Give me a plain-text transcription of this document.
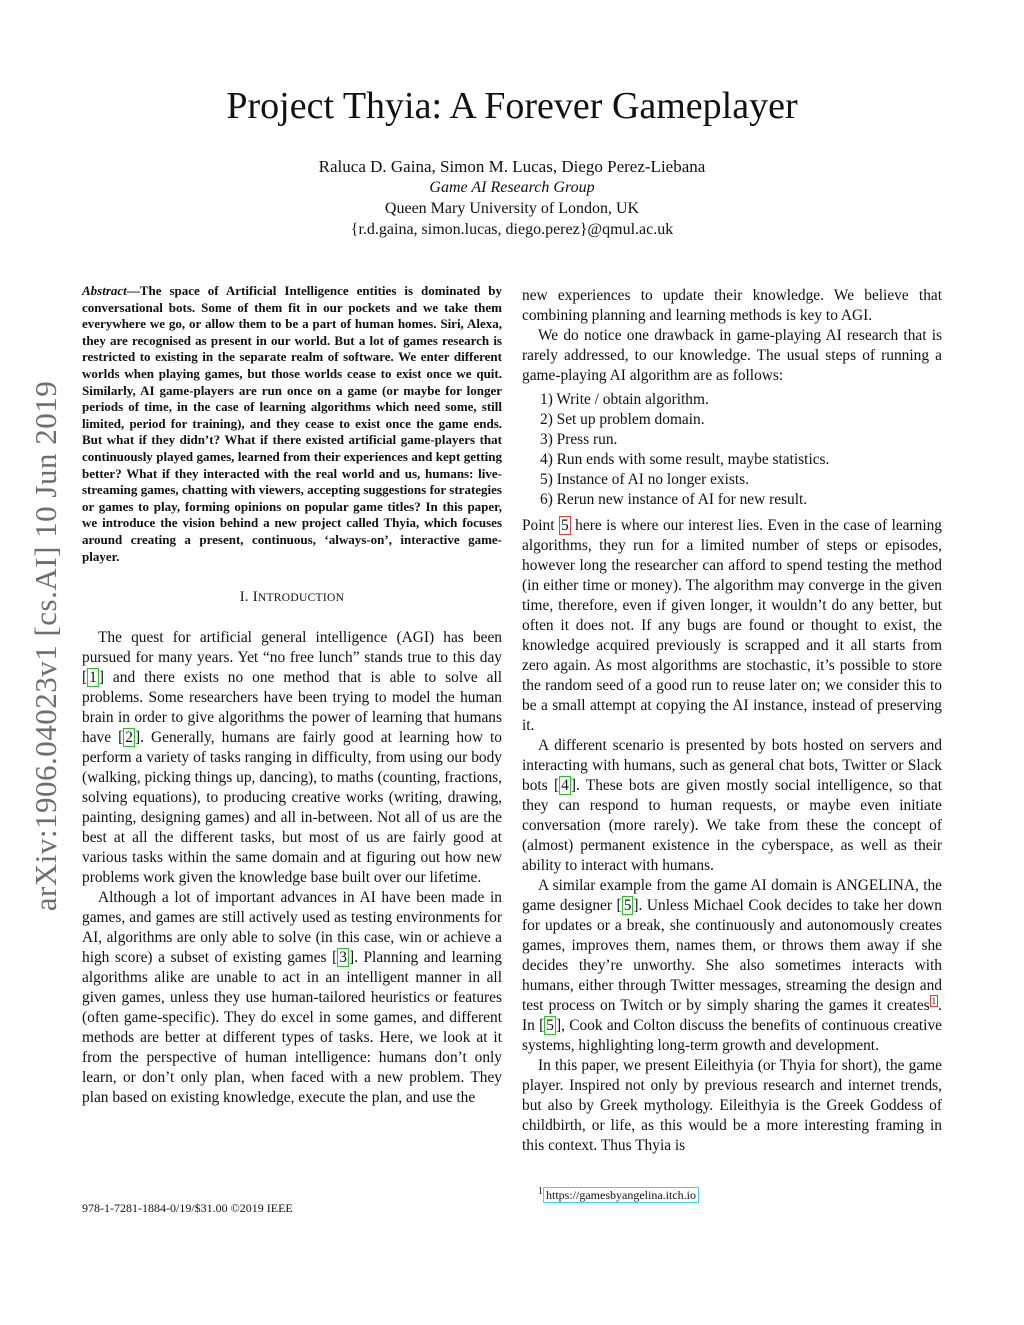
arXiv:1906.04023v1 [cs.AI] 10 Jun 2019
Project Thyia: A Forever Gameplayer
Raluca D. Gaina, Simon M. Lucas, Diego Perez-Liebana
Game AI Research Group
Queen Mary University of London, UK
{r.d.gaina, simon.lucas, diego.perez}@qmul.ac.uk

Abstract—The space of Artificial Intelligence entities is dominated by conversational bots. Some of them fit in our pockets and we take them everywhere we go, or allow them to be a part of human homes. Siri, Alexa, they are recognised as present in our world. But a lot of games research is restricted to existing in the separate realm of software. We enter different worlds when playing games, but those worlds cease to exist once we quit. Similarly, AI game-players are run once on a game (or maybe for longer periods of time, in the case of learning algorithms which need some, still limited, period for training), and they cease to exist once the game ends. But what if they didn’t? What if there existed artificial game-players that continuously played games, learned from their experiences and kept getting better? What if they interacted with the real world and us, humans: live-streaming games, chatting with viewers, accepting suggestions for strategies or games to play, forming opinions on popular game titles? In this paper, we introduce the vision behind a new project called Thyia, which focuses around creating a present, continuous, ‘always-on’, interactive game-player.

I. INTRODUCTION

The quest for artificial general intelligence (AGI) has been pursued for many years. Yet “no free lunch” stands true to this day [ 1 ] and there exists no one method that is able to solve all problems. Some researchers have been trying to model the human brain in order to give algorithms the power of learning that humans have [ 2 ]. Generally, humans are fairly good at learning how to perform a variety of tasks ranging in difficulty, from using our body (walking, picking things up, dancing), to maths (counting, fractions, solving equations), to producing creative works (writing, drawing, painting, designing games) and all in-between. Not all of us are the best at all the different tasks, but most of us are fairly good at various tasks within the same domain and at figuring out how new problems work given the knowledge base built over our lifetime.

Although a lot of important advances in AI have been made in games, and games are still actively used as testing environments for AI, algorithms are only able to solve (in this case, win or achieve a high score) a subset of existing games [ 3 ]. Planning and learning algorithms alike are unable to act in an intelligent manner in all given games, unless they use human-tailored heuristics or features (often game-specific). They do excel in some games, and different methods are better at different types of tasks. Here, we look at it from the perspective of human intelligence: humans don’t only learn, or don’t only plan, when faced with a new problem. They plan based on existing knowledge, execute the plan, and use the

new experiences to update their knowledge. We believe that combining planning and learning methods is key to AGI.

We do notice one drawback in game-playing AI research that is rarely addressed, to our knowledge. The usual steps of running a game-playing AI algorithm are as follows:

1) Write / obtain algorithm.
2) Set up problem domain.
3) Press run.
4) Run ends with some result, maybe statistics.
5) Instance of AI no longer exists.
6) Rerun new instance of AI for new result.

Point 5 here is where our interest lies. Even in the case of learning algorithms, they run for a limited number of steps or episodes, however long the researcher can afford to spend testing the method (in either time or money). The algorithm may converge in the given time, therefore, even if given longer, it wouldn’t do any better, but often it does not. If any bugs are found or thought to exist, the knowledge acquired previously is scrapped and it all starts from zero again. As most algorithms are stochastic, it’s possible to store the random seed of a good run to reuse later on; we consider this to be a small attempt at copying the AI instance, instead of preserving it.

A different scenario is presented by bots hosted on servers and interacting with humans, such as general chat bots, Twitter or Slack bots [ 4 ]. These bots are given mostly social intelligence, so that they can respond to human requests, or maybe even initiate conversation (more rarely). We take from these the concept of (almost) permanent existence in the cyberspace, as well as their ability to interact with humans.

A similar example from the game AI domain is ANGELINA, the game designer [ 5 ]. Unless Michael Cook decides to take her down for updates or a break, she continuously and autonomously creates games, improves them, names them, or throws them away if she decides they’re unworthy. She also sometimes interacts with humans, either through Twitter messages, streaming the design and test process on Twitch or by simply sharing the games it creates $^1$ . In [ 5 ], Cook and Colton discuss the benefits of continuous creative systems, highlighting long-term growth and development.

In this paper, we present Eileithyia (or Thyia for short), the game player. Inspired not only by previous research and internet trends, but also by Greek mythology. Eileithyia is the Greek Goddess of childbirth, or life, as this would be a more interesting framing in this context. Thus Thyia is

$^1$ https://gamesbyangelina.itch.io
978-1-7281-1884-0/19/$31.00 ©2019 IEEE
